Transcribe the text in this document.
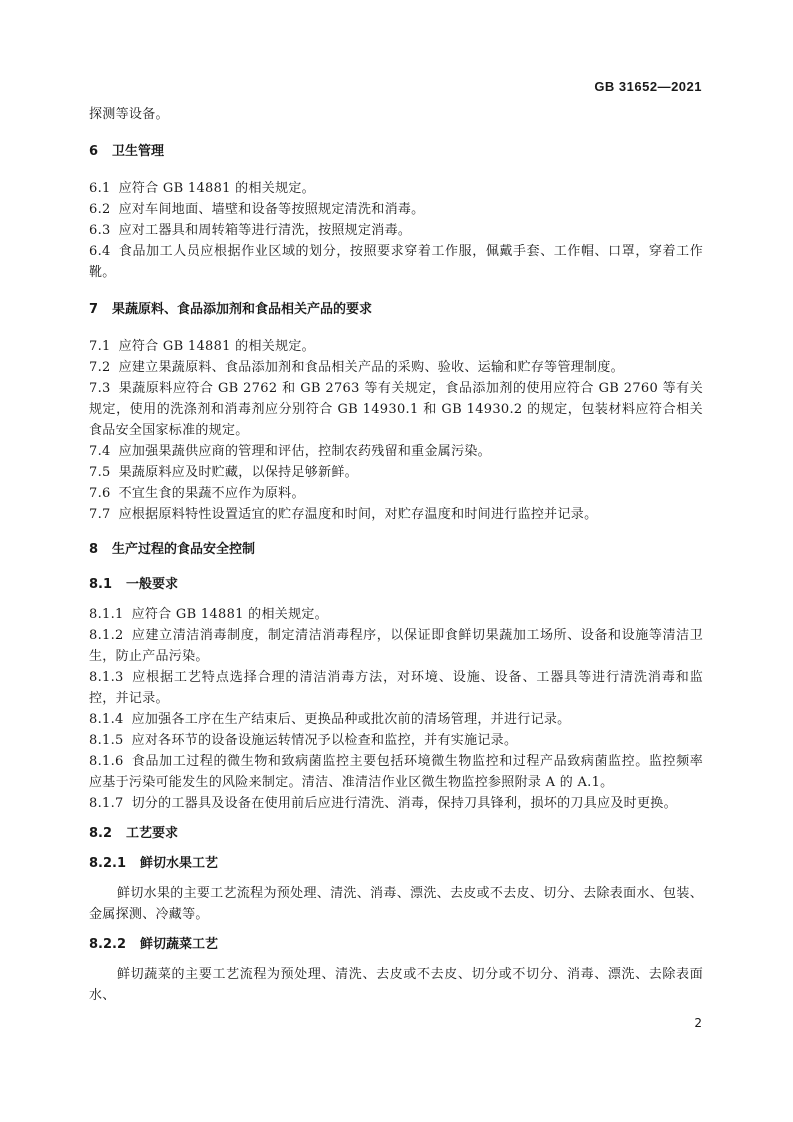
GB 31652—2021

探测等设备。

6 卫生管理

6.1 应符合 GB 14881 的相关规定。

6.2 应对车间地面、墙壁和设备等按照规定清洗和消毒。

6.3 应对工器具和周转箱等进行清洗，按照规定消毒。

6.4 食品加工人员应根据作业区域的划分，按照要求穿着工作服，佩戴手套、工作帽、口罩，穿着工作靴。

7 果蔬原料、食品添加剂和食品相关产品的要求

7.1 应符合 GB 14881 的相关规定。

7.2 应建立果蔬原料、食品添加剂和食品相关产品的采购、验收、运输和贮存等管理制度。

7.3 果蔬原料应符合 GB 2762 和 GB 2763 等有关规定，食品添加剂的使用应符合 GB 2760 等有关规定，使用的洗涤剂和消毒剂应分别符合 GB 14930.1 和 GB 14930.2 的规定，包装材料应符合相关食品安全国家标准的规定。

7.4 应加强果蔬供应商的管理和评估，控制农药残留和重金属污染。

7.5 果蔬原料应及时贮藏，以保持足够新鲜。

7.6 不宜生食的果蔬不应作为原料。

7.7 应根据原料特性设置适宜的贮存温度和时间，对贮存温度和时间进行监控并记录。

8 生产过程的食品安全控制

8.1 一般要求

8.1.1 应符合 GB 14881 的相关规定。

8.1.2 应建立清洁消毒制度，制定清洁消毒程序，以保证即食鲜切果蔬加工场所、设备和设施等清洁卫生，防止产品污染。

8.1.3 应根据工艺特点选择合理的清洁消毒方法，对环境、设施、设备、工器具等进行清洗消毒和监控，并记录。

8.1.4 应加强各工序在生产结束后、更换品种或批次前的清场管理，并进行记录。

8.1.5 应对各环节的设备设施运转情况予以检查和监控，并有实施记录。

8.1.6 食品加工过程的微生物和致病菌监控主要包括环境微生物监控和过程产品致病菌监控。监控频率应基于污染可能发生的风险来制定。清洁、准清洁作业区微生物监控参照附录 A 的 A.1。

8.1.7 切分的工器具及设备在使用前后应进行清洗、消毒，保持刀具锋利，损坏的刀具应及时更换。

8.2 工艺要求

8.2.1 鲜切水果工艺

鲜切水果的主要工艺流程为预处理、清洗、消毒、漂洗、去皮或不去皮、切分、去除表面水、包装、金属探测、冷藏等。

8.2.2 鲜切蔬菜工艺

鲜切蔬菜的主要工艺流程为预处理、清洗、去皮或不去皮、切分或不切分、消毒、漂洗、去除表面水、

2
